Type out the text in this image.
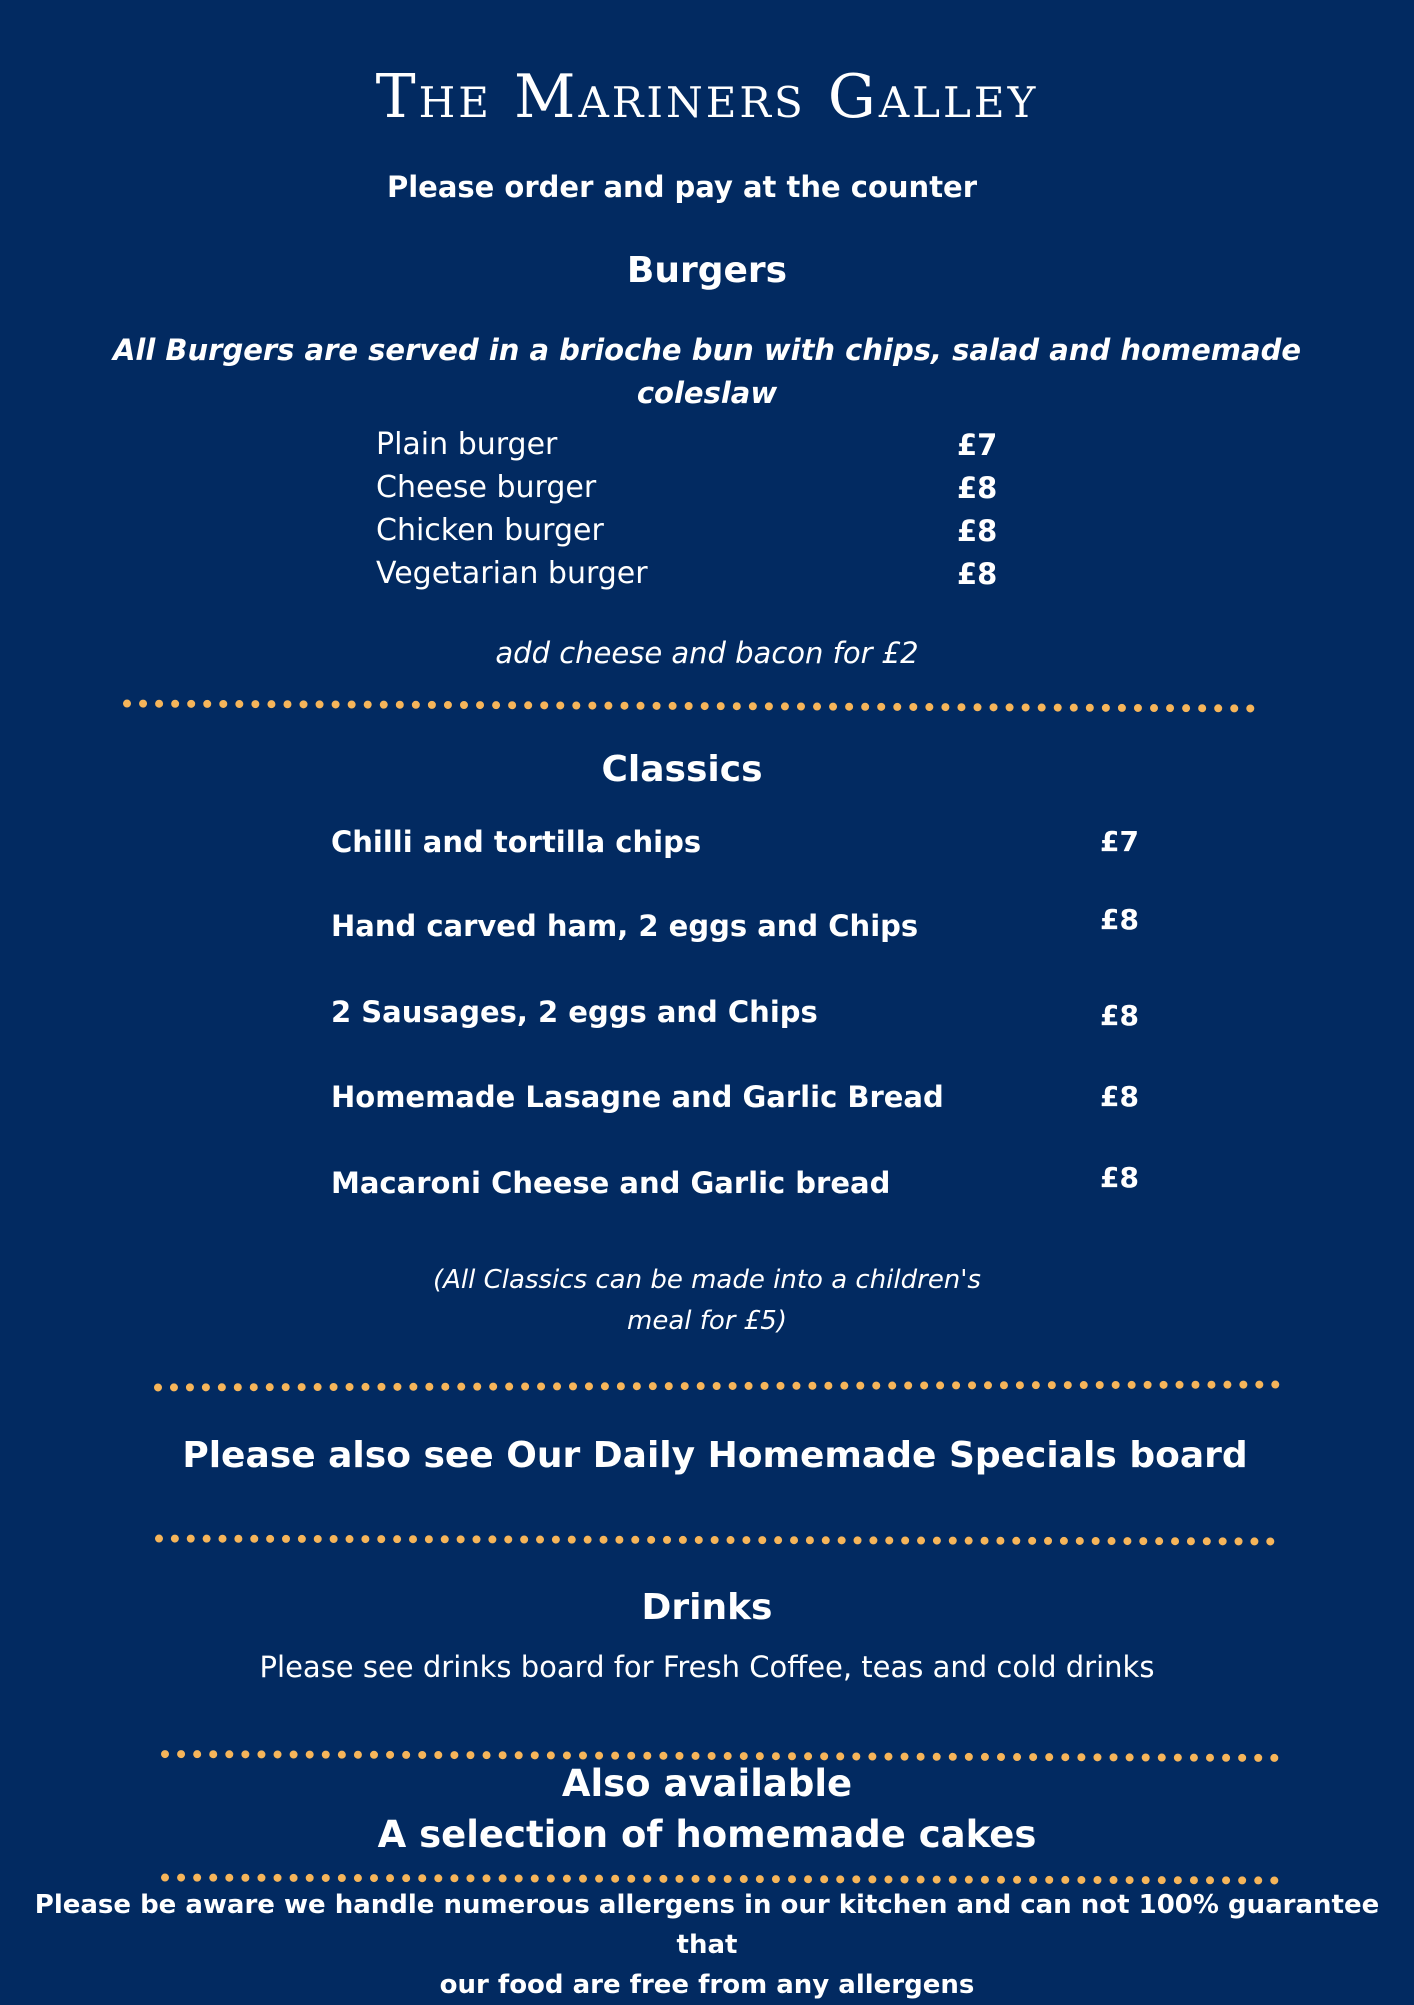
The Mariners Galley
Please order and pay at the counter
Burgers
All Burgers are served in a brioche bun with chips, salad and homemade
coleslaw
Plain burger	£7
Cheese burger	£8
Chicken burger	£8
Vegetarian burger	£8
add cheese and bacon for £2
Classics
Chilli and tortilla chips	£7
Hand carved ham, 2 eggs and Chips	£8
2 Sausages, 2 eggs and Chips	£8
Homemade Lasagne and Garlic Bread	£8
Macaroni Cheese and Garlic bread	£8
(All Classics can be made into a children's
meal for £5)
Please also see Our Daily Homemade Specials board
Drinks
Please see drinks board for Fresh Coffee, teas and cold drinks
Also available
A selection of homemade cakes
Please be aware we handle numerous allergens in our kitchen and can not 100% guarantee that
our food are free from any allergens
